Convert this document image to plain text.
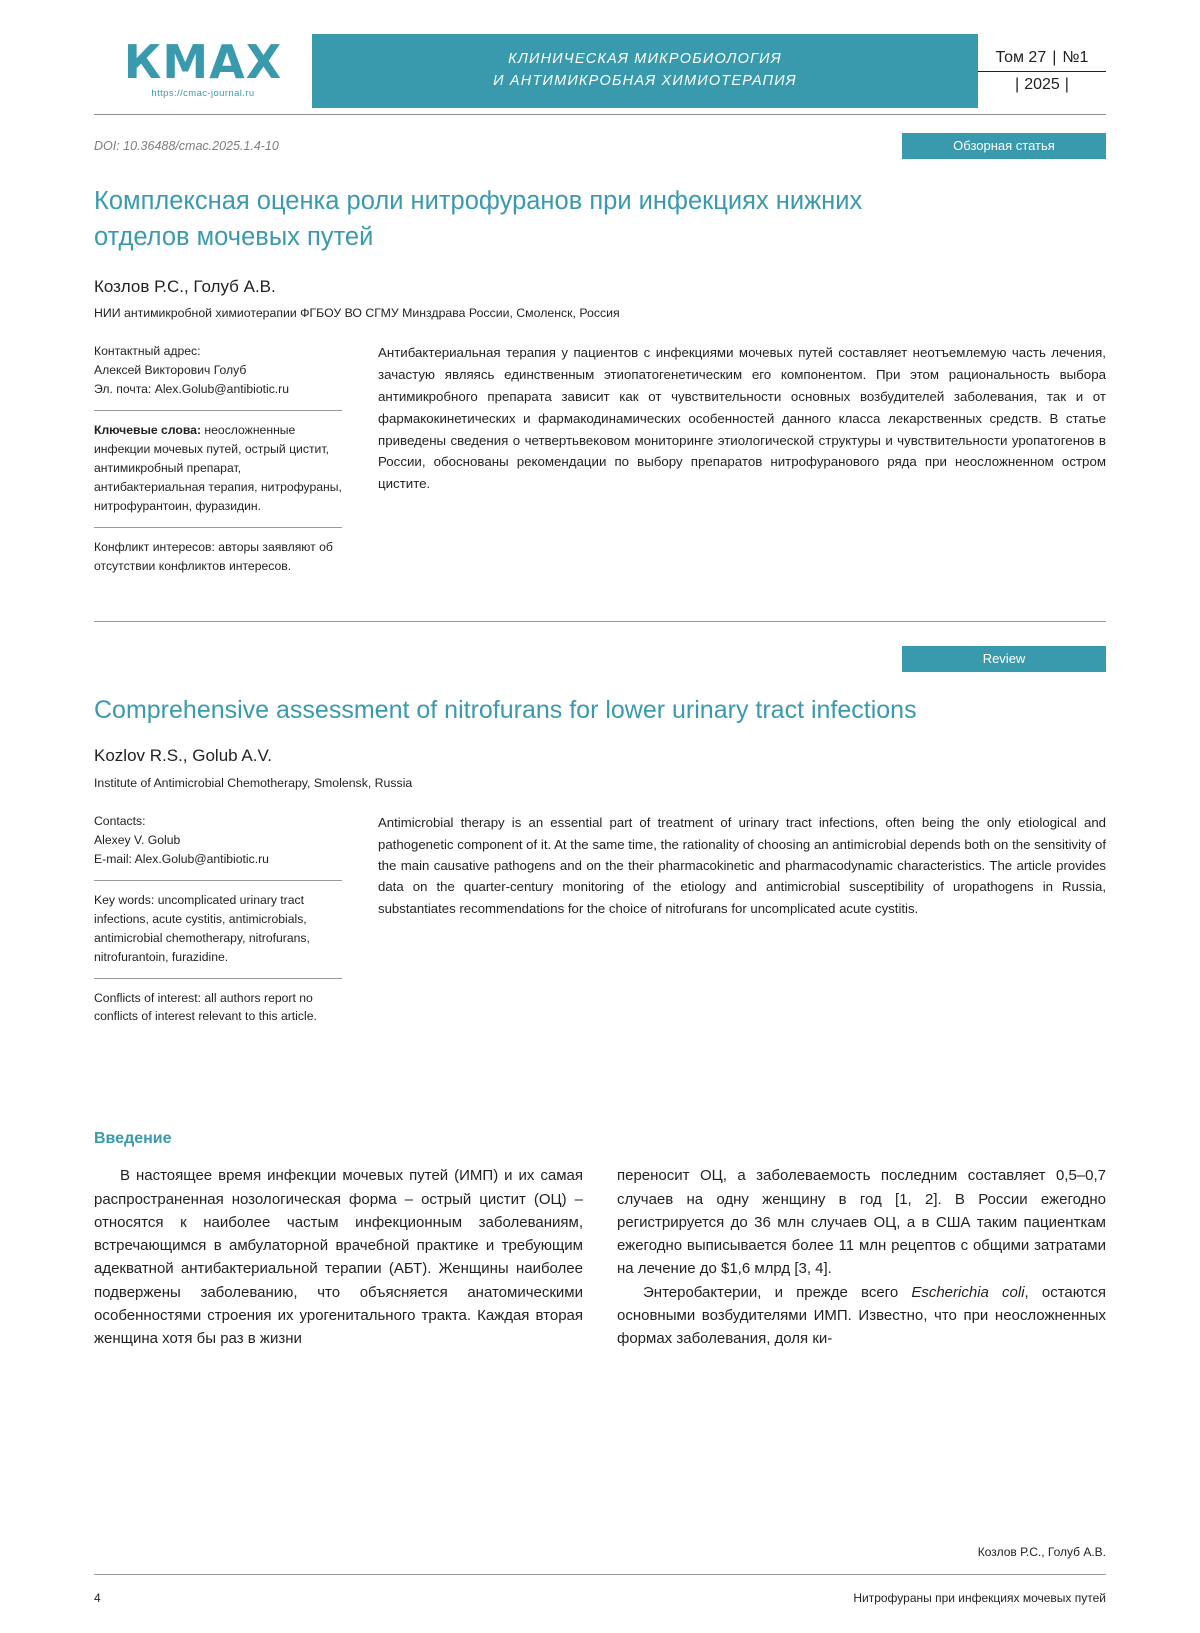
КМАХ
https://cmac-journal.ru
КЛИНИЧЕСКАЯ МИКРОБИОЛОГИЯ
И АНТИМИКРОБНАЯ ХИМИОТЕРАПИЯ
Том 27 | №1
| 2025 |
DOI: 10.36488/cmac.2025.1.4-10	Обзорная статья
Комплексная оценка роли нитрофуранов при инфекциях нижних отделов мочевых путей
Козлов Р.С., Голуб А.В.
НИИ антимикробной химиотерапии ФГБОУ ВО СГМУ Минздрава России, Смоленск, Россия
Контактный адрес:
Алексей Викторович Голуб
Эл. почта: Alex.Golub@antibiotic.ru
Ключевые слова: неосложненные инфекции мочевых путей, острый цистит, антимикробный препарат, антибактериальная терапия, нитрофураны, нитрофурантоин, фуразидин.
Конфликт интересов: авторы заявляют об отсутствии конфликтов интересов.
Антибактериальная терапия у пациентов с инфекциями мочевых путей составляет неотъемлемую часть лечения, зачастую являясь единственным этиопатогенетическим его компонентом. При этом рациональность выбора антимикробного препарата зависит как от чувствительности основных возбудителей заболевания, так и от фармакокинетических и фармакодинамических особенностей данного класса лекарственных средств. В статье приведены сведения о четвертьвековом мониторинге этиологической структуры и чувствительности уропатогенов в России, обоснованы рекомендации по выбору препаратов нитрофуранового ряда при неосложненном остром цистите.
Review
Comprehensive assessment of nitrofurans for lower urinary tract infections
Kozlov R.S., Golub A.V.
Institute of Antimicrobial Chemotherapy, Smolensk, Russia
Contacts:
Alexey V. Golub
E-mail: Alex.Golub@antibiotic.ru
Key words: uncomplicated urinary tract infections, acute cystitis, antimicrobials, antimicrobial chemotherapy, nitrofurans, nitrofurantoin, furazidine.
Conflicts of interest: all authors report no conflicts of interest relevant to this article.
Antimicrobial therapy is an essential part of treatment of urinary tract infections, often being the only etiological and pathogenetic component of it. At the same time, the rationality of choosing an antimicrobial depends both on the sensitivity of the main causative pathogens and on the their pharmacokinetic and pharmacodynamic characteristics. The article provides data on the quarter-century monitoring of the etiology and antimicrobial susceptibility of uropathogens in Russia, substantiates recommendations for the choice of nitrofurans for uncomplicated acute cystitis.
Введение

В настоящее время инфекции мочевых путей (ИМП) и их самая распространенная нозологическая форма – острый цистит (ОЦ) – относятся к наиболее частым инфекционным заболеваниям, встречающимся в амбулаторной врачебной практике и требующим адекватной антибактериальной терапии (АБТ). Женщины наиболее подвержены заболеванию, что объясняется анатомическими особенностями строения их урогенитального тракта. Каждая вторая женщина хотя бы раз в жизни

переносит ОЦ, а заболеваемость последним составляет 0,5–0,7 случаев на одну женщину в год [1, 2]. В России ежегодно регистрируется до 36 млн случаев ОЦ, а в США таким пациенткам ежегодно выписывается более 11 млн рецептов с общими затратами на лечение до $1,6 млрд [3, 4].

Энтеробактерии, и прежде всего Escherichia coli, остаются основными возбудителями ИМП. Известно, что при неосложненных формах заболевания, доля ки-

Козлов Р.С., Голуб А.В.
4	Нитрофураны при инфекциях мочевых путей
